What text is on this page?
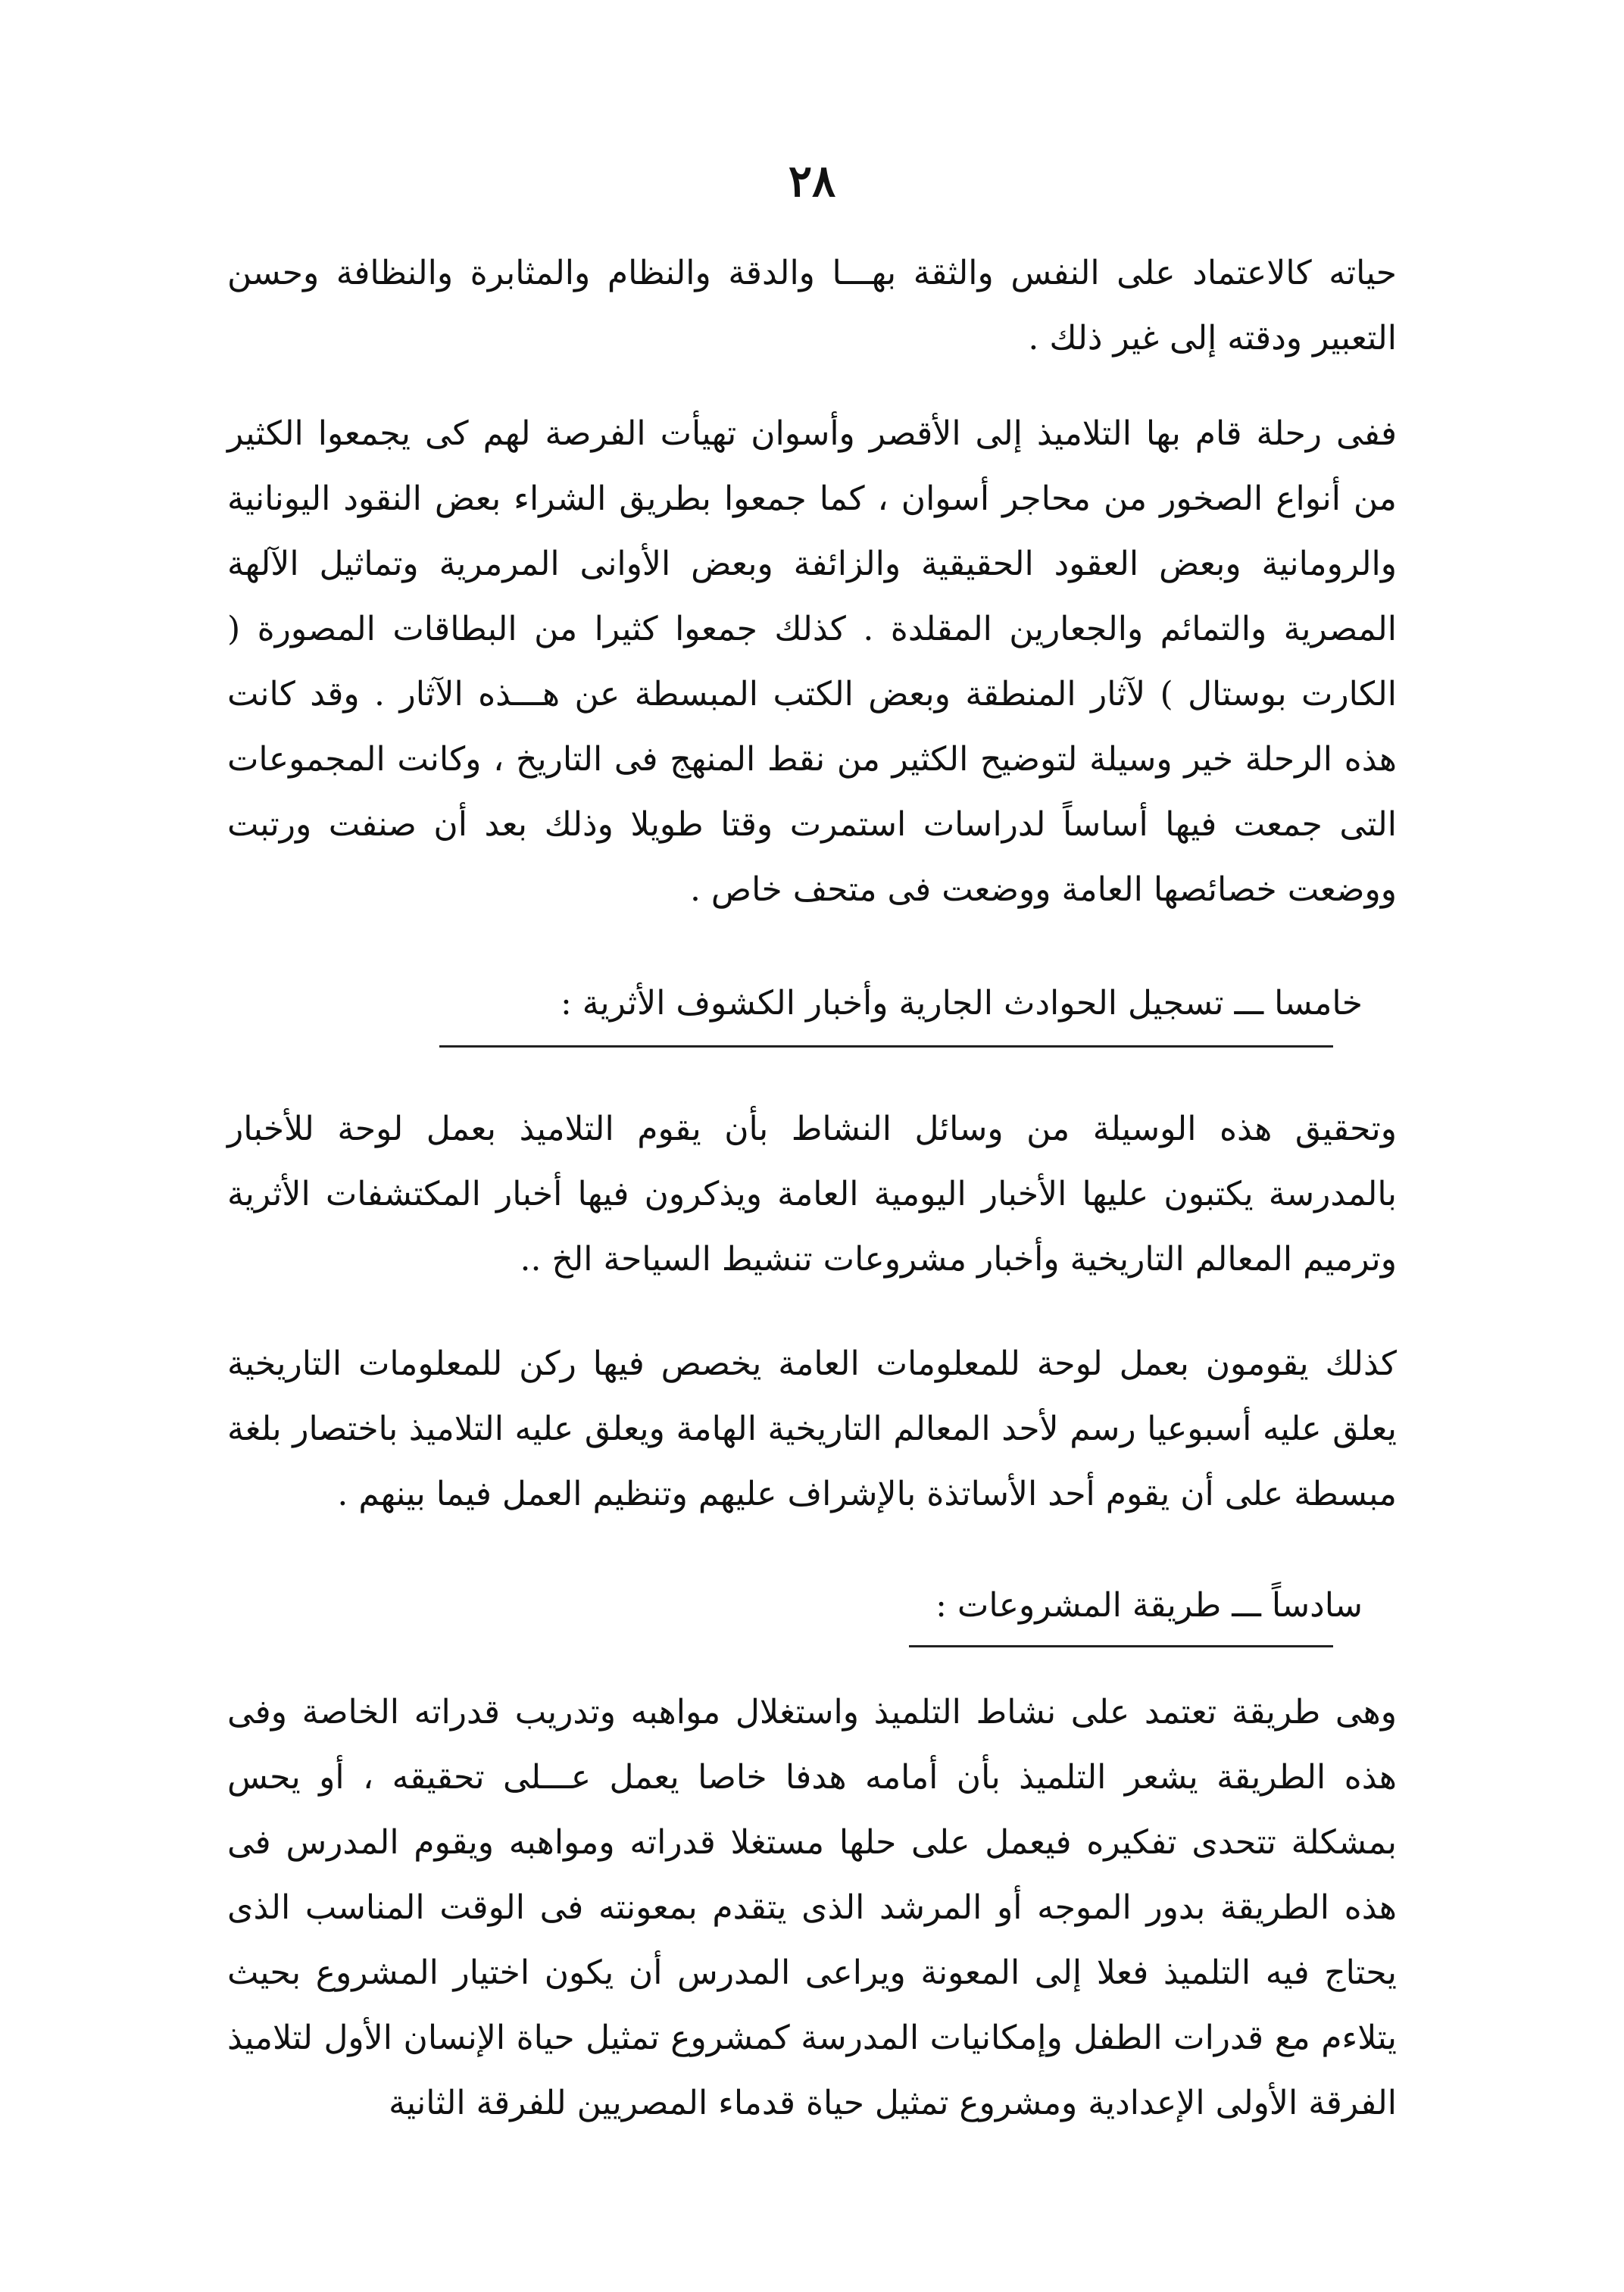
٢٨

حياته كالاعتماد على النفس والثقة بهـــا والدقة والنظام والمثابرة والنظافة وحسن التعبير ودقته إلى غير ذلك .

ففى رحلة قام بها التلاميذ إلى الأقصر وأسوان تهيأت الفرصة لهم كى يجمعوا الكثير من أنواع الصخور من محاجر أسوان ، كما جمعوا بطريق الشراء بعض النقود اليونانية والرومانية وبعض العقود الحقيقية والزائفة وبعض الأوانى المرمرية وتماثيل الآلهة المصرية والتمائم والجعارين المقلدة . كذلك جمعوا كثيرا من البطاقات المصورة ( الكارت بوستال ) لآثار المنطقة وبعض الكتب المبسطة عن هـــذه الآثار . وقد كانت هذه الرحلة خير وسيلة لتوضيح الكثير من نقط المنهج فى التاريخ ، وكانت المجموعات التى جمعت فيها أساساً لدراسات استمرت وقتا طويلا وذلك بعد أن صنفت ورتبت ووضعت خصائصها العامة ووضعت فى متحف خاص .

خامسا ـــ تسجيل الحوادث الجارية وأخبار الكشوف الأثرية :

وتحقيق هذه الوسيلة من وسائل النشاط بأن يقوم التلاميذ بعمل لوحة للأخبار بالمدرسة يكتبون عليها الأخبار اليومية العامة ويذكرون فيها أخبار المكتشفات الأثرية وترميم المعالم التاريخية وأخبار مشروعات تنشيط السياحة الخ ..

كذلك يقومون بعمل لوحة للمعلومات العامة يخصص فيها ركن للمعلومات التاريخية يعلق عليه أسبوعيا رسم لأحد المعالم التاريخية الهامة ويعلق عليه التلاميذ باختصار بلغة مبسطة على أن يقوم أحد الأساتذة بالإشراف عليهم وتنظيم العمل فيما بينهم .

سادساً ـــ طريقة المشروعات :

وهى طريقة تعتمد على نشاط التلميذ واستغلال مواهبه وتدريب قدراته الخاصة وفى هذه الطريقة يشعر التلميذ بأن أمامه هدفا خاصا يعمل عـــلى تحقيقه ، أو يحس بمشكلة تتحدى تفكيره فيعمل على حلها مستغلا قدراته ومواهبه ويقوم المدرس فى هذه الطريقة بدور الموجه أو المرشد الذى يتقدم بمعونته فى الوقت المناسب الذى يحتاج فيه التلميذ فعلا إلى المعونة ويراعى المدرس أن يكون اختيار المشروع بحيث يتلاءم مع قدرات الطفل وإمكانيات المدرسة كمشروع تمثيل حياة الإنسان الأول لتلاميذ الفرقة الأولى الإعدادية ومشروع تمثيل حياة قدماء المصريين للفرقة الثانية
